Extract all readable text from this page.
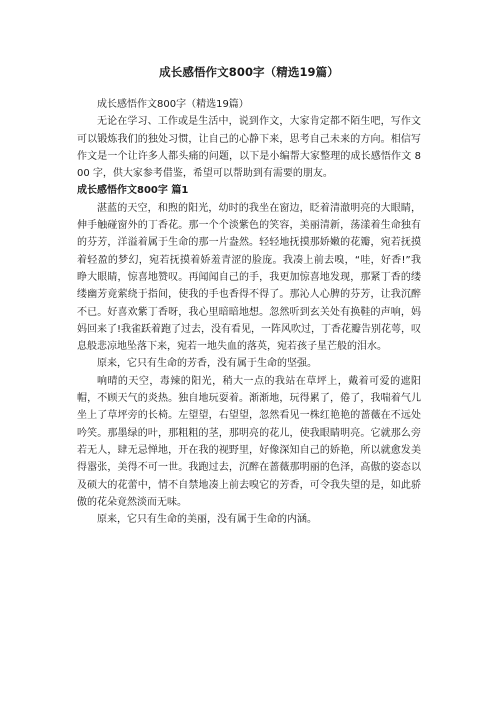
成长感悟作文800字（精选19篇）

成长感悟作文800字（精选19篇）

无论在学习、工作或是生活中，说到作文，大家肯定都不陌生吧，写作文可以锻炼我们的独处习惯，让自己的心静下来，思考自己未来的方向。相信写作文是一个让许多人都头痛的问题，以下是小编帮大家整理的成长感悟作文 800 字，供大家参考借鉴，希望可以帮助到有需要的朋友。

成长感悟作文800字 篇1

湛蓝的天空，和煦的阳光，幼时的我坐在窗边，眨着清澈明亮的大眼睛，伸手触碰窗外的丁香花。那一个个淡紫色的笑容，美丽清新，荡漾着生命独有的芬芳，洋溢着属于生命的那一片盎然。轻轻地抚摸那娇嫩的花瓣，宛若抚摸着轻盈的梦幻，宛若抚摸着娇羞青涩的脸庞。我凑上前去嗅，“哇，好香!”我睁大眼睛，惊喜地赞叹。再闻闻自己的手，我更加惊喜地发现，那紧丁香的缕缕幽芳竟萦绕于指间，使我的手也香得不得了。那沁人心脾的芬芳，让我沉醉不已。好喜欢紫丁香呀，我心里暗暗地想。忽然听到玄关处有换鞋的声响，妈妈回来了!我雀跃着跑了过去，没有看见，一阵风吹过，丁香花瓣告别花萼，叹息般悲凉地坠落下来，宛若一地失血的落英，宛若孩子星芒般的泪水。

原来，它只有生命的芳香，没有属于生命的坚强。

响晴的天空，毒辣的阳光，稍大一点的我站在草坪上，戴着可爱的遮阳帽，不顾天气的炎热。独自地玩耍着。渐渐地，玩得累了，倦了，我喘着气儿坐上了草坪旁的长椅。左望望，右望望，忽然看见一株红艳艳的蔷薇在不远处吟笑。那墨绿的叶，那粗粗的茎，那明亮的花儿，使我眼睛明亮。它就那么旁若无人，肆无忌惮地，开在我的视野里，好像深知自己的娇艳，所以就愈发美得嚣张，美得不可一世。我跑过去，沉醉在蔷薇那明丽的色泽，高傲的姿态以及硕大的花蕾中，情不自禁地凑上前去嗅它的芳香，可令我失望的是，如此骄傲的花朵竟然淡而无味。

原来，它只有生命的美丽，没有属于生命的内涵。
